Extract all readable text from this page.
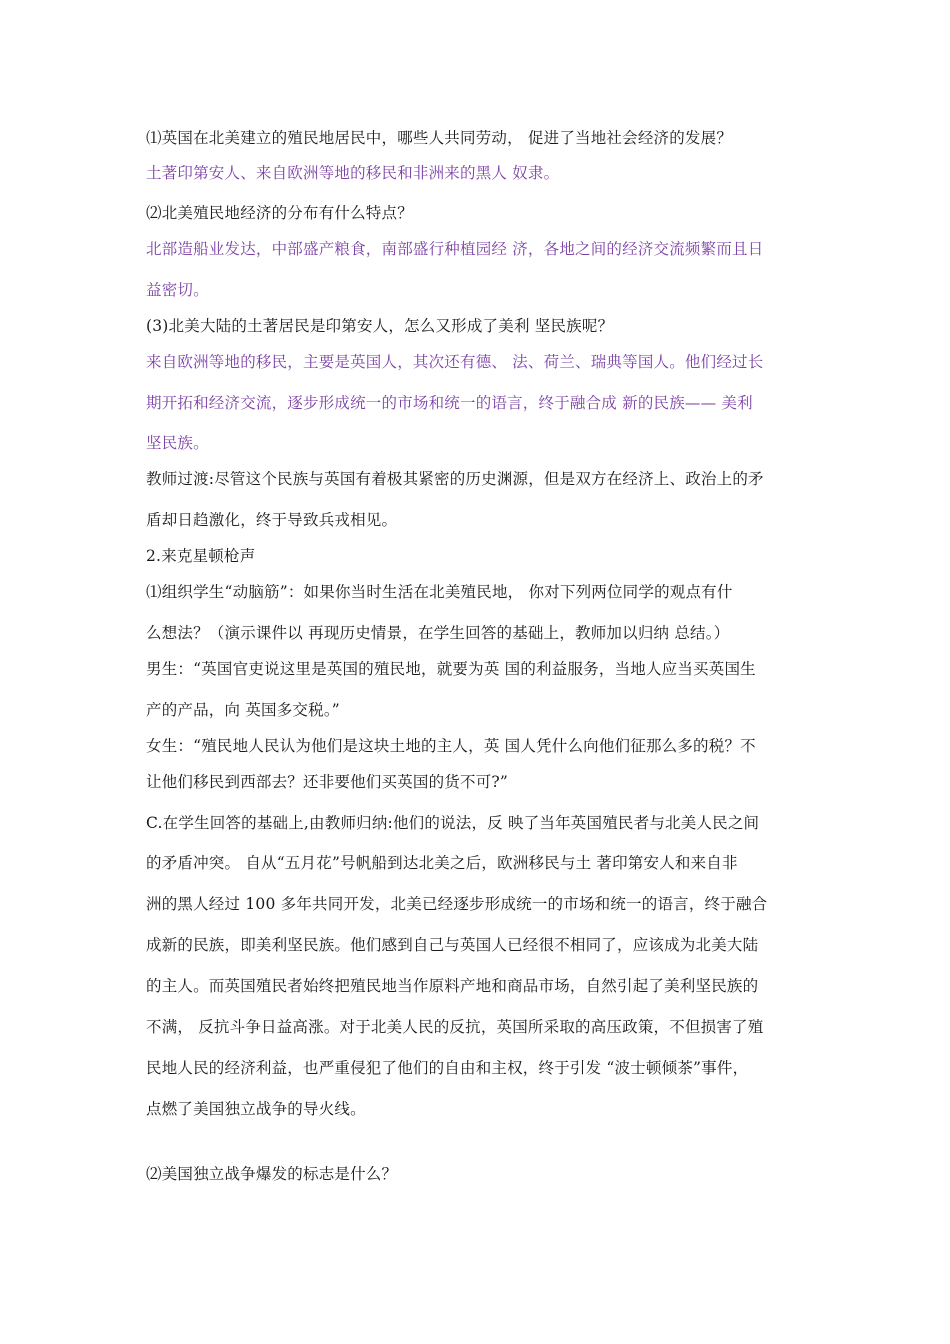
⑴英国在北美建立的殖民地居民中，哪些人共同劳动， 促进了当地社会经济的发展？
土著印第安人、来自欧洲等地的移民和非洲来的黑人 奴隶。
⑵北美殖民地经济的分布有什么特点？
北部造船业发达，中部盛产粮食，南部盛行种植园经 济，各地之间的经济交流频繁而且日
益密切。
(3)北美大陆的土著居民是印第安人，怎么又形成了美利 坚民族呢？
来自欧洲等地的移民，主要是英国人，其次还有德、 法、荷兰、瑞典等国人。他们经过长
期开拓和经济交流，逐步形成统一的市场和统一的语言，终于融合成 新的民族—— 美利
坚民族。
教师过渡:尽管这个民族与英国有着极其紧密的历史渊源，但是双方在经济上、政治上的矛
盾却日趋激化，终于导致兵戎相见。
2.来克星顿枪声
⑴组织学生“动脑筋”：如果你当时生活在北美殖民地， 你对下列两位同学的观点有什
么想法？（演示课件以 再现历史情景，在学生回答的基础上，教师加以归纳 总结。）
男生：“英国官吏说这里是英国的殖民地，就要为英 国的利益服务，当地人应当买英国生
产的产品，向 英国多交税。”
女生：“殖民地人民认为他们是这块土地的主人，英 国人凭什么向他们征那么多的税？不
让他们移民到西部去？还非要他们买英国的货不可?”
C.在学生回答的基础上,由教师归纳:他们的说法，反 映了当年英国殖民者与北美人民之间
的矛盾冲突。 自从“五月花”号帆船到达北美之后，欧洲移民与土 著印第安人和来自非
洲的黑人经过 100 多年共同开发，北美已经逐步形成统一的市场和统一的语言，终于融合
成新的民族，即美利坚民族。他们感到自己与英国人已经很不相同了，应该成为北美大陆
的主人。而英国殖民者始终把殖民地当作原料产地和商品市场，自然引起了美利坚民族的
不满， 反抗斗争日益高涨。对于北美人民的反抗，英国所采取的高压政策，不但损害了殖
民地人民的经济利益，也严重侵犯了他们的自由和主权，终于引发 “波士顿倾茶”事件，
点燃了美国独立战争的导火线。
⑵美国独立战争爆发的标志是什么？
